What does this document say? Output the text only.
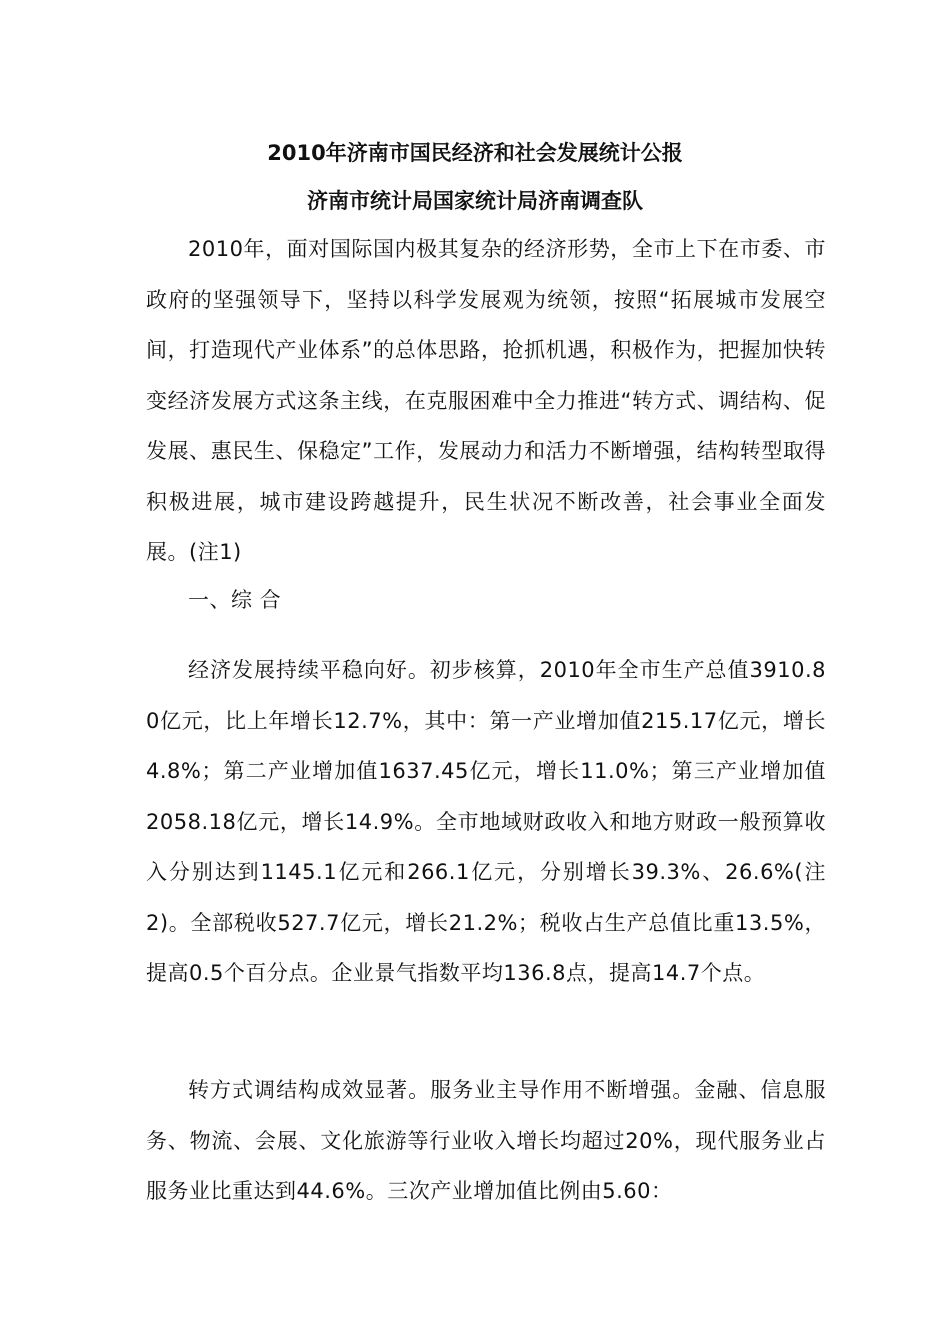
2010年济南市国民经济和社会发展统计公报
济南市统计局国家统计局济南调查队

2010年，面对国际国内极其复杂的经济形势，全市上下在市委、市政府的坚强领导下，坚持以科学发展观为统领，按照“拓展城市发展空间，打造现代产业体系”的总体思路，抢抓机遇，积极作为，把握加快转变经济发展方式这条主线，在克服困难中全力推进“转方式、调结构、促发展、惠民生、保稳定”工作，发展动力和活力不断增强，结构转型取得积极进展，城市建设跨越提升，民生状况不断改善，社会事业全面发展。(注1)

一、综 合

经济发展持续平稳向好。初步核算，2010年全市生产总值3910.80亿元，比上年增长12.7%，其中：第一产业增加值215.17亿元，增长4.8%；第二产业增加值1637.45亿元，增长11.0%；第三产业增加值2058.18亿元，增长14.9%。全市地域财政收入和地方财政一般预算收入分别达到1145.1亿元和266.1亿元，分别增长39.3%、26.6%(注2)。全部税收527.7亿元，增长21.2%；税收占生产总值比重13.5%，提高0.5个百分点。企业景气指数平均136.8点，提高14.7个点。

转方式调结构成效显著。服务业主导作用不断增强。金融、信息服务、物流、会展、文化旅游等行业收入增长均超过20%，现代服务业占服务业比重达到44.6%。三次产业增加值比例由5.60：
